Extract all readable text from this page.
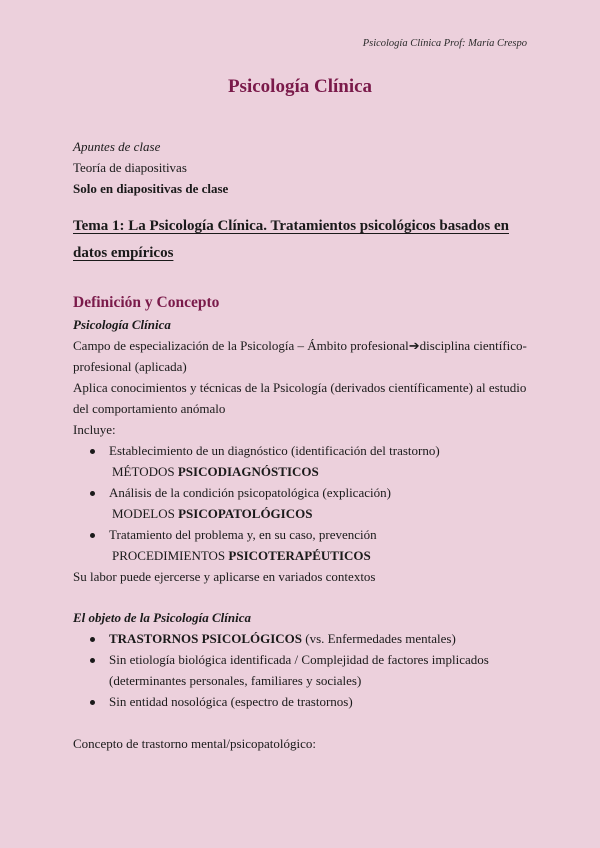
Psicología Clínica Prof: María Crespo
Psicología Clínica
Apuntes de clase
Teoría de diapositivas
Solo en diapositivas de clase
Tema 1: La Psicología Clínica. Tratamientos psicológicos basados en datos empíricos
Definición y Concepto
Psicología Clínica
Campo de especialización de la Psicología – Ámbito profesional➔disciplina científico-profesional (aplicada)
Aplica conocimientos y técnicas de la Psicología (derivados científicamente) al estudio del comportamiento anómalo
Incluye:
Establecimiento de un diagnóstico (identificación del trastorno)
MÉTODOS PSICODIAGNÓSTICOS
Análisis de la condición psicopatológica (explicación)
MODELOS PSICOPATOLÓGICOS
Tratamiento del problema y, en su caso, prevención
PROCEDIMIENTOS PSICOTERAPÉUTICOS
Su labor puede ejercerse y aplicarse en variados contextos
El objeto de la Psicología Clínica
TRASTORNOS PSICOLÓGICOS (vs. Enfermedades mentales)
Sin etiología biológica identificada / Complejidad de factores implicados (determinantes personales, familiares y sociales)
Sin entidad nosológica (espectro de trastornos)
Concepto de trastorno mental/psicopatológico:
